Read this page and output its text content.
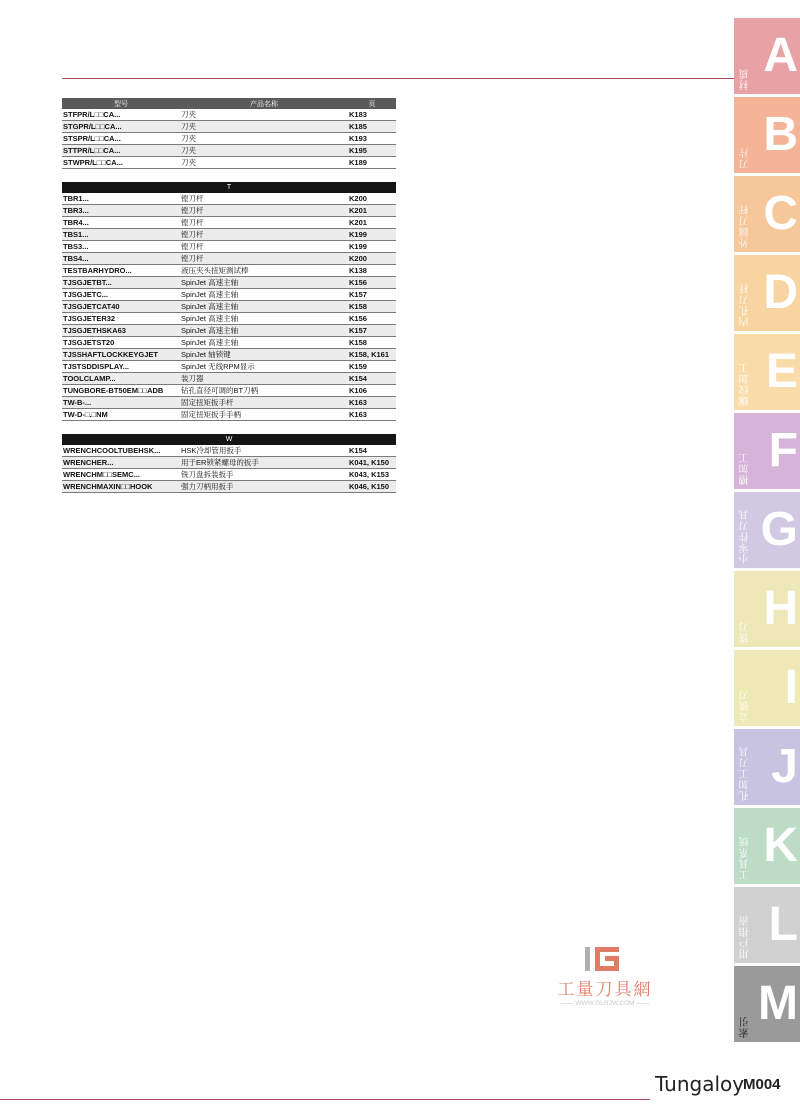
型号	产品名称	页
STFPR/L□□CA...	刀夹	K183
STGPR/L□□CA...	刀夹	K185
STSPR/L□□CA...	刀夹	K193
STTPR/L□□CA...	刀夹	K195
STWPR/L□□CA...	刀夹	K189
T
TBR1...	镗刀杆	K200
TBR3...	镗刀杆	K201
TBR4...	镗刀杆	K201
TBS1...	镗刀杆	K199
TBS3...	镗刀杆	K199
TBS4...	镗刀杆	K200
TESTBARHYDRO...	液压夹头扭矩测试棒	K138
TJSGJETBT...	SpinJet 高速主轴	K156
TJSGJETC...	SpinJet 高速主轴	K157
TJSGJETCAT40	SpinJet 高速主轴	K158
TJSGJETER32	SpinJet 高速主轴	K156
TJSGJETHSKA63	SpinJet 高速主轴	K157
TJSGJETST20	SpinJet 高速主轴	K158
TJSSHAFTLOCKKEYGJET	SpinJet 轴锁键	K158, K161
TJSTSDDISPLAY...	SpinJet 无线RPM显示	K159
TOOLCLAMP...	装刀器	K154
TUNGBORE-BT50EM□□ADB	钻孔直径可调的BT刀柄	K106
TW-B-...	固定扭矩扳手杆	K163
TW-D-□.□NM	固定扭矩扳手手柄	K163
W
WRENCHCOOLTUBEHSK...	HSK冷却管用扳手	K154
WRENCHER...	用于ER锁紧螺母的扳手	K041, K150
WRENCHM□□SEMC...	铣刀盘拆装扳手	K043, K153
WRENCHMAXIN□□HOOK	强力刀柄用扳手	K046, K150
材质 A
刀片 B
外圆刀杆 C
内孔刀杆 D
螺纹加工 E
槽加工 F
小零件刀具 G
铣刀 H
立铣刀 I
孔加工刀具 J
工具系统 K
用户指南 L
索引 M
工量刀具網
—— WWW.GLRJW.COM ——
Tungaloy
M004
